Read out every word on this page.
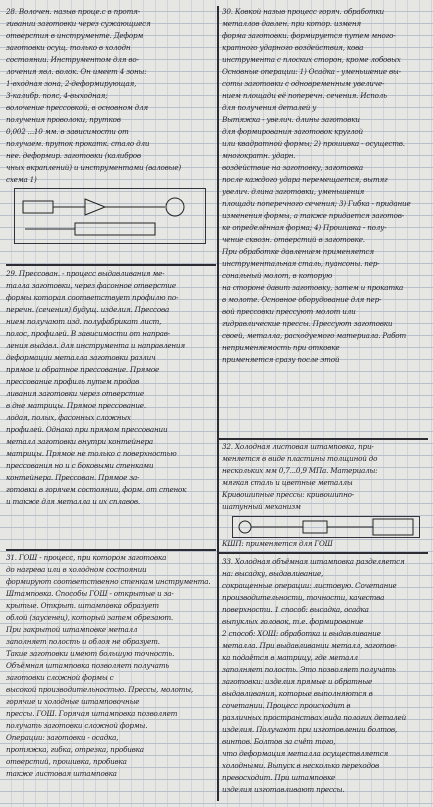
28. Волочен. назыв проце.с в протя-
гивании заготовки через сужающиеся
отверстия в инструменте. Деформ
заготовки осущ. только в холодн
состоянии. Инструментом для во-
лочения явл. волок. Он имеет 4 зоны:
1-входная зона, 2-деформирующая,
3-калибр. пояс, 4-выходная;
волочение прессовкой, в основном для
получения проволоки, прутков
0,002 ...10 мм. в зависимости от
получаем. пруток прокатк. стало дли
нее. деформир. заготовки (калибров
чных вкраплений) и инструментами (валовые)
схема 1)

29. Прессован. - процесс выдавливания ме-
талла заготовки, через фасонное отверстие
формы которая соответствует профилю по-
перечн. (сечения) будущ. изделия. Прессова
нием получают изд. полуфабрикат лист,
полос, профилей. В зависимости от направ-
ления выдавл. для инструмента и направления
деформации металла заготовки различ
прямое и обратное прессование. Прямое
прессование профиль путем продав
ливания заготовки через отверстие
в дне матрицы. Прямое прессование.
лодая, полых, фасонных сложных
профилей. Однако при прямом прессовании
металл заготовки внутри контейнера
матрицы. Прямое не только с поверхностью
прессования но и с боковыми стенками
контейнера. Прессован. Прямое за-
готовки в горячем состоянии, форм. от стенок
и также для металла и их сплавов.

31. ГОШ - процесс, при котором заготовка
до нагрева или в холодном состоянии
формируют соответственно стенкам инструмента.
Штамповка. Способы ГОШ - открытые и за-
крытые. Открыт. штамповка образует
облой (заусенец), который затем обрезают.
При закрытой штамповке металл
заполняет полость и облоя не образует.
Такие заготовки имеют большую точность.
Объёмная штамповка позволяет получать
заготовки сложной формы с
высокой производительностью. Прессы, молоты,
горячие и холодные штамповочные
прессы. ГОШ. Горячая штамповка позволяет
получать заготовки сложной формы.
Операции: заготовки - осадка,
протяжка, гибка, отрезка, пробивка
отверстий, прошивка, пробивка
также листовая штамповка

30. Ковкой назыв процесс горяч. обработки
металлов давлен. при котор. изменя
форма заготовки. формируется путем много-
кратного ударного воздействия, кова
инструмента с плоских сторон, кроме лобовых
Основные операции: 1) Осадка - уменьшение вы-
соты заготовки с одновременным увеличе-
нием площади её поперечн. сечения. Исполь
для получения деталей у
Вытяжка - увелич. длины заготовки
для формирования заготовок круглой
или квадратной формы; 2) прошивка - осуществ. многократн. ударн.
воздействие на заготовку, заготовка
после каждого удара перемещается, вытяг
увелич. длина заготовки, уменьшения
площади поперечного сечения; 3) Гибка - придание
изменения формы, а также придается заготов-
ке определённая форма; 4) Прошивка - полу-
чение сквозн. отверстий в заготовке.
При обработке давлением применяется
инструментальная сталь, пуансоны. пер-
сональный молот, в которую
на стороне давит заготовку, затем и прокатка
в молоте. Основное оборудование для пер-
вой прессовки прессуют молот или
гидравлические прессы. Прессуют заготовки
своей, металла, расходуемого материала. Работ
неприменяемость при отковке
применяется сразу после этой

32. Холодная листовая штамповка, при-
меняется в виде пластины толщиной до
нескольких мм 0,7...0,9 МПа. Материалы:
мягкая сталь и цветные металлы
Кривошипные прессы: кривошипно-
шатунный механизм

КШП: применяется для ГОШ

33. Холодная объёмная штамповка разделяется
на: высадку, выдавливание,
сокращенные операции: листовую. Сочетание
производительности, точности, качества
поверхности. 1 способ: высадка, осадка
выпуклых головок, т.е. формирование
2 способ: ХОШ: обработка и выдавливание
металла. При выдавливании металл, заготов-
ка подаётся в матрицу, где металл
заполняет полость. Это позволяет получать
заготовки: изделия прямые и обратные
выдавливания, которые выполняются в
сочетании. Процесс происходит в
различных пространствах вида пологих деталей
изделия. Получают при изготовлении болтов,
винтов. Болтов за счёт того,
что деформация металла осуществляется
холодными. Выпуск в несколько переходов
превосходит. При штамповке
изделия изготавливают прессы.
